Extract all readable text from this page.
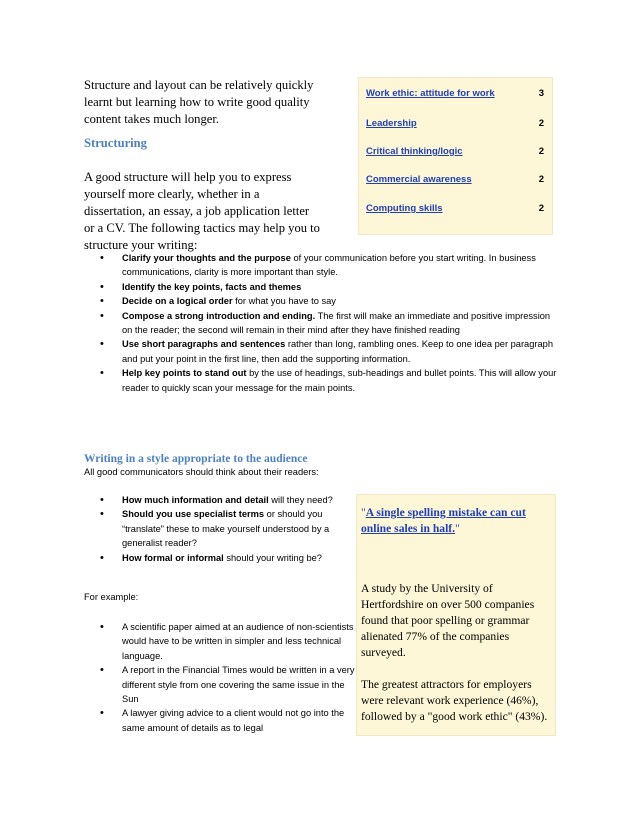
Structure and layout can be relatively quickly learnt but learning how to write good quality content takes much longer.
Structuring
A good structure will help you to express yourself more clearly, whether in a dissertation, an essay, a job application letter or a CV. The following tactics may help you to structure your writing:
Work ethic: attitude for work	3
Leadership	2
Critical thinking/logic	2
Commercial awareness	2
Computing skills	2
• Clarify your thoughts and the purpose of your communication before you start writing. In business communications, clarity is more important than style.
• Identify the key points, facts and themes
• Decide on a logical order for what you have to say
• Compose a strong introduction and ending. The first will make an immediate and positive impression on the reader; the second will remain in their mind after they have finished reading
• Use short paragraphs and sentences rather than long, rambling ones. Keep to one idea per paragraph and put your point in the first line, then add the supporting information.
• Help key points to stand out by the use of headings, sub-headings and bullet points. This will allow your reader to quickly scan your message for the main points.
Writing in a style appropriate to the audience
All good communicators should think about their readers:
• How much information and detail will they need?
• Should you use specialist terms or should you “translate” these to make yourself understood by a generalist reader?
• How formal or informal should your writing be?
For example:
• A scientific paper aimed at an audience of non-scientists would have to be written in simpler and less technical language.
• A report in the Financial Times would be written in a very different style from one covering the same issue in the Sun
• A lawyer giving advice to a client would not go into the same amount of details as to legal
"A single spelling mistake can cut online sales in half."
A study by the University of Hertfordshire on over 500 companies found that poor spelling or grammar alienated 77% of the companies surveyed.
The greatest attractors for employers were relevant work experience (46%), followed by a "good work ethic" (43%).
